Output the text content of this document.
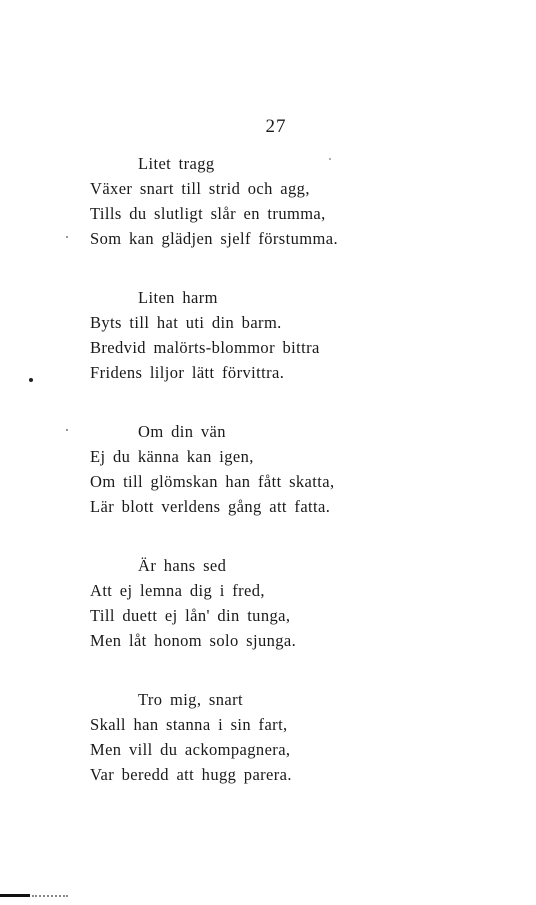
27
Litet tragg
Växer snart till strid och agg,
Tills du slutligt slår en trumma,
Som kan glädjen sjelf förstumma.
Liten harm
Byts till hat uti din barm.
Bredvid malörts-blommor bittra
Fridens liljor lätt förvittra.
Om din vän
Ej du känna kan igen,
Om till glömskan han fått skatta,
Lär blott verldens gång att fatta.
Är hans sed
Att ej lemna dig i fred,
Till duett ej lån' din tunga,
Men låt honom solo sjunga.
Tro mig, snart
Skall han stanna i sin fart,
Men vill du ackompagnera,
Var beredd att hugg parera.
